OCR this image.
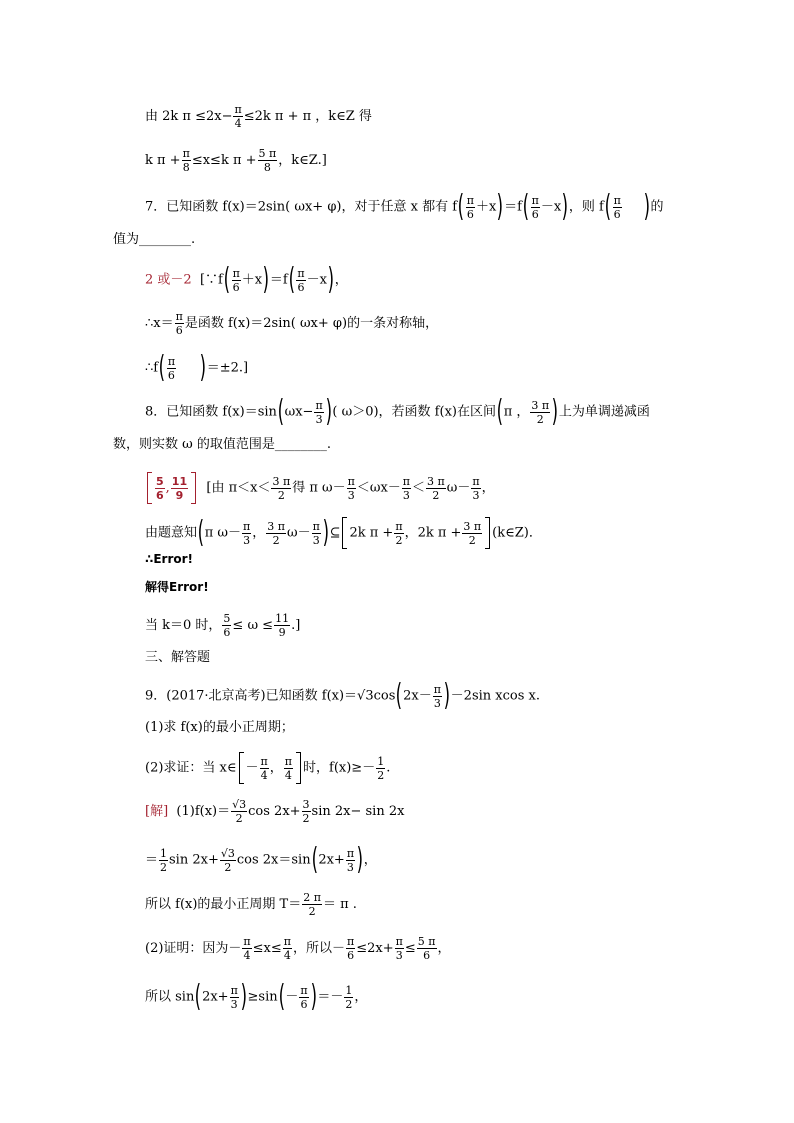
由 2k $\pi \le 2x- \frac{\pi}{4} \le 2k$ π + π ，k∈Z 得
k $\pi + \frac{\pi}{8} \le x\le k$ $\pi + \frac{5 \pi}{8}$ ，k∈Z.]
7．已知函数 f(x)＝2sin( ωx+ φ)，对于任意 x 都有 $f( \frac{\pi}{6} +x)=f( \frac{\pi}{6} -x)$，则 $f( \frac{\pi}{6}$ )的
值为________.
2 或－2 [∵f( $\frac{\pi}{6} +x)=f( \frac{\pi}{6} -x)$，
∴x＝ $\frac{\pi}{6}$ 是函数 f(x)＝2sin( ωx+ φ)的一条对称轴，
∴f( $\frac{\pi}{6} )=\pm 2$.]
8．已知函数 $f(x)=\sin(\omega x- \frac{\pi}{3}$ )( ω＞0)，若函数 f(x)在区间(π ， $\frac{3 \pi}{2}$ )上为单调递减函
数，则实数 ω 的取值范围是________.
$\frac{5}{6}$ , $\frac{11}{9}$ [由 $\pi<x< \frac{3 \pi}{2}$ 得 π $\omega- \frac{\pi}{3} <\omega x- \frac{\pi}{3} < \frac{3 \pi}{2} \omega- \frac{\pi}{3}$ ，
由题意知(π $\omega- \frac{\pi}{3}$ ， $\frac{3 \pi}{2} \omega- \frac{\pi}{3}$ )⊆ 2k $\pi + \frac{\pi}{2}$ ，2k $\pi + \frac{3 \pi}{2}$ (k∈Z)．
∴Error!
解得Error!
当 k＝0 时， $\frac{5}{6} \le \omega \le \frac{11}{9}$ .]
三、解答题
9．(2017·北京高考)已知函数 $f(x)=√3\cos(2x- \frac{\pi}{3} )-2\sin$ xcos x.
(1)求 f(x)的最小正周期；
(2)求证：当 x∈ － $\frac{\pi}{4}$ ， $\frac{\pi}{4}$ 时，$f(x)\ge- \frac{1}{2}$ .
[解] $(1)f(x)= \frac{√3}{2}$ $\cos 2x+ \frac{3}{2}$ sin 2x− sin 2x
＝ $\frac{1}{2}$ $\sin 2x+ \frac{√3}{2}$ $\cos 2x=\sin(2x+ \frac{\pi}{3}$ )，
所以 f(x)的最小正周期 $T= \frac{2 \pi}{2} = \pi$ .
(2)证明：因为－ $\frac{\pi}{4} \le x\le \frac{\pi}{4}$ ，所以－ $\frac{\pi}{6} \le 2x+ \frac{\pi}{3} \le \frac{5 \pi}{6}$ ，
所以 $\sin(2x+ \frac{\pi}{3} )\ge\sin(- \frac{\pi}{6}$ )＝－ $\frac{1}{2}$ ，
